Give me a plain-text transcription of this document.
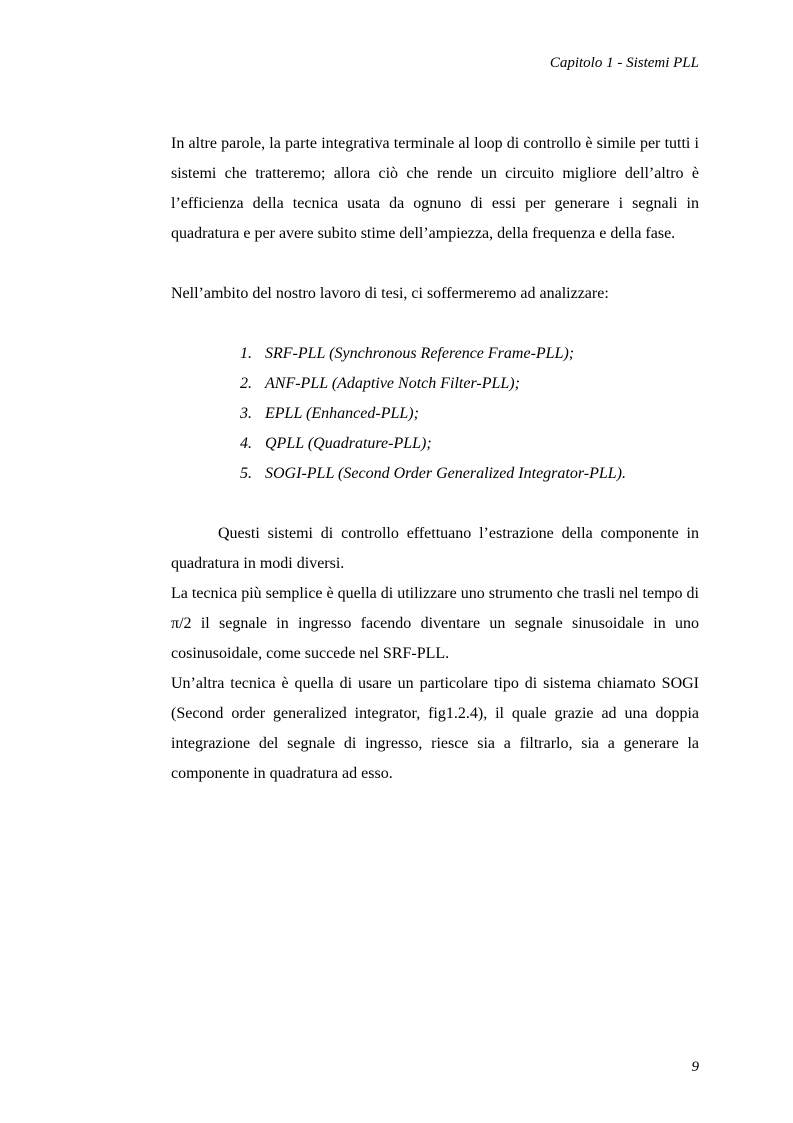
Capitolo 1 - Sistemi PLL

In altre parole, la parte integrativa terminale al loop di controllo è simile per tutti i sistemi che tratteremo; allora ciò che rende un circuito migliore dell’altro è l’efficienza della tecnica usata da ognuno di essi per generare i segnali in quadratura e per avere subito stime dell’ampiezza, della frequenza e della fase.

Nell’ambito del nostro lavoro di tesi, ci soffermeremo ad analizzare:

1. SRF-PLL (Synchronous Reference Frame-PLL);
2. ANF-PLL (Adaptive Notch Filter-PLL);
3. EPLL (Enhanced-PLL);
4. QPLL (Quadrature-PLL);
5. SOGI-PLL (Second Order Generalized Integrator-PLL).

Questi sistemi di controllo effettuano l’estrazione della componente in quadratura in modi diversi.

La tecnica più semplice è quella di utilizzare uno strumento che trasli nel tempo di π/2 il segnale in ingresso facendo diventare un segnale sinusoidale in uno cosinusoidale, come succede nel SRF-PLL.

Un’altra tecnica è quella di usare un particolare tipo di sistema chiamato SOGI (Second order generalized integrator, fig1.2.4), il quale grazie ad una doppia integrazione del segnale di ingresso, riesce sia a filtrarlo, sia a generare la componente in quadratura ad esso.

9
